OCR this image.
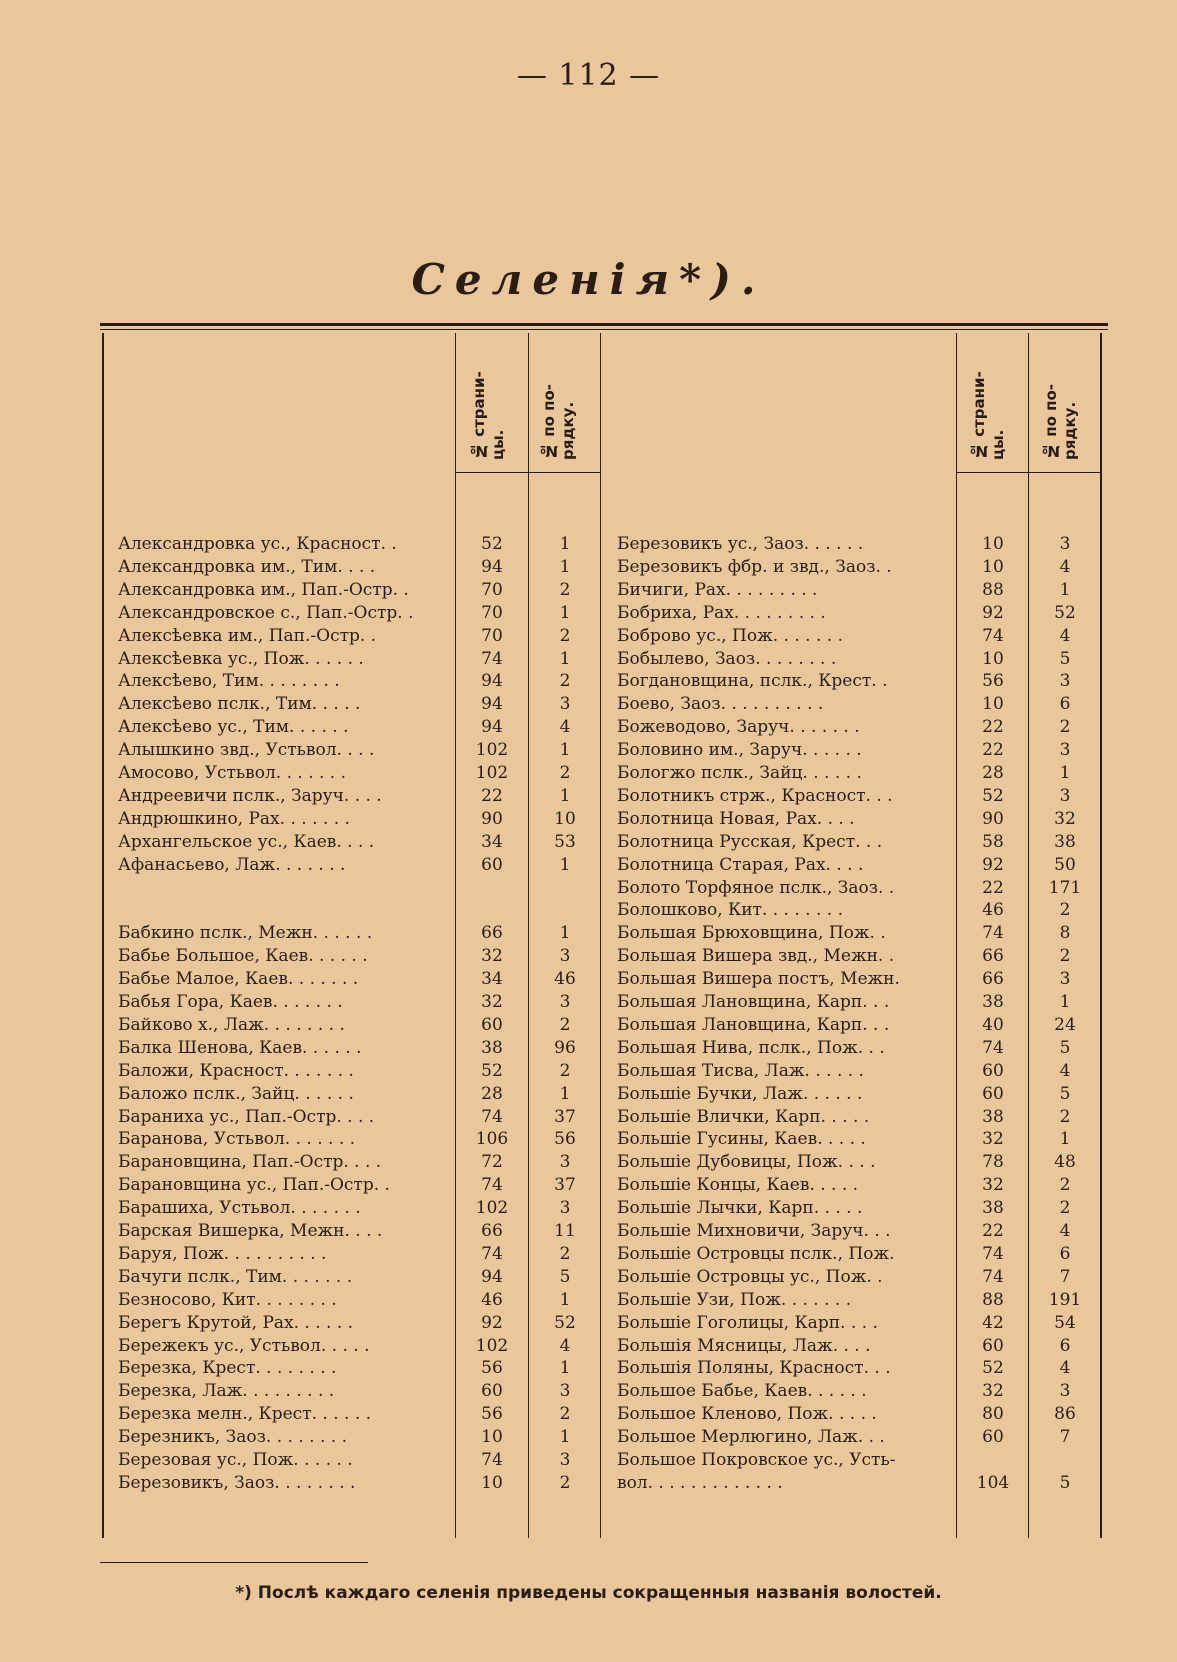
— 112 —
Селенія*).
№ страни-цы. № по по-рядку.	№ страни-цы. № по по-рядку.
Александровка ус., Красност. .	52	1
Александровка им., Тим. . . .	94	1
Александровка им., Пап.-Остр. .	70	2
Александровское с., Пап.-Остр. .	70	1
Алексѣевка им., Пап.-Остр. .	70	2
Алексѣевка ус., Пож. . . . . .	74	1
Алексѣево, Тим. . . . . . . .	94	2
Алексѣево пслк., Тим. . . . .	94	3
Алексѣево ус., Тим. . . . . .	94	4
Алышкино звд., Устьвол. . . .	102	1
Амосово, Устьвол. . . . . . .	102	2
Андреевичи пслк., Заруч. . . .	22	1
Андрюшкино, Рах. . . . . . .	90	10
Архангельское ус., Каев. . . .	34	53
Афанасьево, Лаж. . . . . . .	60	1
Бабкино пслк., Межн. . . . . .	66	1
Бабье Большое, Каев. . . . . .	32	3
Бабье Малое, Каев. . . . . . .	34	46
Бабья Гора, Каев. . . . . . .	32	3
Байково х., Лаж. . . . . . . .	60	2
Балка Шенова, Каев. . . . . .	38	96
Баложи, Красност. . . . . . .	52	2
Баложо пслк., Зайц. . . . . .	28	1
Бараниха ус., Пап.-Остр. . . .	74	37
Баранова, Устьвол. . . . . . .	106	56
Барановщина, Пап.-Остр. . . .	72	3
Барановщина ус., Пап.-Остр. .	74	37
Барашиха, Устьвол. . . . . . .	102	3
Барская Вишерка, Межн. . . .	66	11
Баруя, Пож. . . . . . . . . .	74	2
Бачуги пслк., Тим. . . . . . .	94	5
Безносово, Кит. . . . . . . .	46	1
Берегъ Крутой, Рах. . . . . .	92	52
Бережекъ ус., Устьвол. . . . .	102	4
Березка, Крест. . . . . . . .	56	1
Березка, Лаж. . . . . . . . .	60	3
Березка мелн., Крест. . . . . .	56	2
Березникъ, Заоз. . . . . . . .	10	1
Березовая ус., Пож. . . . . .	74	3
Березовикъ, Заоз. . . . . . . .	10	2
Березовикъ ус., Заоз. . . . . .	10	3
Березовикъ фбр. и звд., Заоз. .	10	4
Бичиги, Рах. . . . . . . . .	88	1
Бобриха, Рах. . . . . . . . .	92	52
Боброво ус., Пож. . . . . . .	74	4
Бобылево, Заоз. . . . . . . .	10	5
Богдановщина, пслк., Крест. .	56	3
Боево, Заоз. . . . . . . . . .	10	6
Божеводово, Заруч. . . . . . .	22	2
Боловино им., Заруч. . . . . .	22	3
Бологжо пслк., Зайц. . . . . .	28	1
Болотникъ стрж., Красност. . .	52	3
Болотница Новая, Рах. . . .	90	32
Болотница Русская, Крест. . .	58	38
Болотница Старая, Рах. . . .	92	50
Болото Торфяное пслк., Заоз. .	22	171
Болошково, Кит. . . . . . . .	46	2
Большая Брюховщина, Пож. .	74	8
Большая Вишера звд., Межн. .	66	2
Большая Вишера постъ, Межн.	66	3
Большая Лановщина, Карп. . .	38	1
Большая Лановщина, Карп. . .	40	24
Большая Нива, пслк., Пож. . .	74	5
Большая Тисва, Лаж. . . . . .	60	4
Большіе Бучки, Лаж. . . . . .	60	5
Большіе Влички, Карп. . . . .	38	2
Большіе Гусины, Каев. . . . .	32	1
Большіе Дубовицы, Пож. . . .	78	48
Большіе Концы, Каев. . . . .	32	2
Большіе Лычки, Карп. . . . .	38	2
Большіе Михновичи, Заруч. . .	22	4
Большіе Островцы пслк., Пож.	74	6
Большіе Островцы ус., Пож. .	74	7
Большіе Узи, Пож. . . . . . .	88	191
Большіе Гоголицы, Карп. . . .	42	54
Большія Мясницы, Лаж. . . .	60	6
Большія Поляны, Красност. . .	52	4
Большое Бабье, Каев. . . . . .	32	3
Большое Кленово, Пож. . . . .	80	86
Большое Мерлюгино, Лаж. . .	60	7
Большое Покровское ус., Усть-
вол. . . . . . . . . . . . .	104	5
*) Послѣ каждаго селенія приведены сокращенныя названія волостей.
